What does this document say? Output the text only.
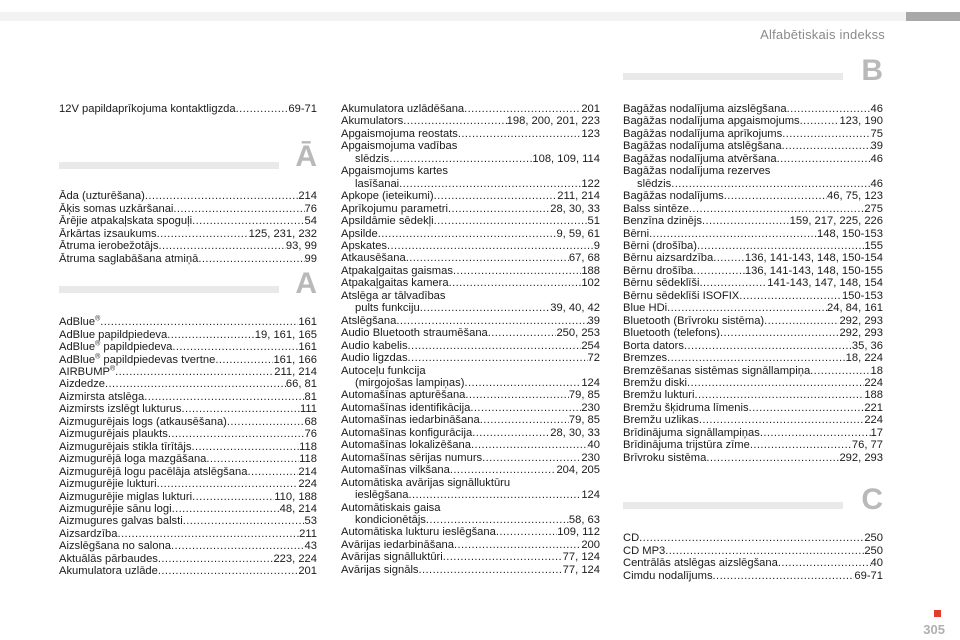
Alfabētiskais indekss
12V papildaprīkojuma kontaktligzda .....	69-71
Ā
Āda (uzturēšana) .....	214
Āķis somas uzkāršanai .....	76
Ārējie atpakaļskata spoguļi .....	54
Ārkārtas izsaukums .....	125, 231, 232
Ātruma ierobežotājs .....	93, 99
Ātruma saglabāšana atmiņā .....	99
A
AdBlue® .....	161
AdBlue papildpiedeva .....	19, 161, 165
AdBlue® papildpiedeva .....	161
AdBlue® papildpiedevas tvertne .....	161, 166
AIRBUMP® .....	211, 214
Aizdedze .....	66, 81
Aizmirsta atslēga .....	81
Aizmirsts izslēgt lukturus .....	111
Aizmugurējais logs (atkausēšana) .....	68
Aizmugurējais plaukts .....	76
Aizmugurējais stikla tīrītājs .....	118
Aizmugurējā loga mazgāšana .....	118
Aizmugurējā logu pacēlāja atslēgšana .....	214
Aizmugurējie lukturi .....	224
Aizmugurējie miglas lukturi .....	110, 188
Aizmugurējie sānu logi .....	48, 214
Aizmugures galvas balsti .....	53
Aizsardzība .....	211
Aizslēgšana no salona .....	43
Aktuālās pārbaudes .....	223, 224
Akumulatora uzlāde .....	201
Akumulatora uzlādēšana .....	201
Akumulators .....	198, 200, 201, 223
Apgaismojuma reostats .....	123
Apgaismojuma vadības
slēdzis .....	108, 109, 114
Apgaismojums kartes
lasīšanai .....	122
Apkope (ieteikumi) .....	211, 214
Aprīkojumu parametri .....	28, 30, 33
Apsildāmie sēdekļi .....	51
Apsilde .....	9, 59, 61
Apskates .....	9
Atkausēšana .....	67, 68
Atpakaļgaitas gaismas .....	188
Atpakaļgaitas kamera .....	102
Atslēga ar tālvadības
pults funkciju .....	39, 40, 42
Atslēgšana .....	39
Audio Bluetooth straumēšana .....	250, 253
Audio kabelis .....	254
Audio ligzdas .....	72
Autoceļu funkcija
(mirgojošas lampiņas) .....	124
Automašīnas apturēšana .....	79, 85
Automašīnas identifikācija .....	230
Automašīnas iedarbināšana .....	79, 85
Automašīnas konfigurācija .....	28, 30, 33
Automašīnas lokalizēšana .....	40
Automašīnas sērijas numurs .....	230
Automašīnas vilkšana .....	204, 205
Automātiska avārijas signālluktūru
ieslēgšana .....	124
Automātiskais gaisa
kondicionētājs .....	58, 63
Automātiska lukturu ieslēgšana .....	109, 112
Avārijas iedarbināšana .....	200
Avārijas signālluktūri .....	77, 124
Avārijas signāls .....	77, 124
B
Bagāžas nodalījuma aizslēgšana .....	46
Bagāžas nodalījuma apgaismojums .....	123, 190
Bagāžas nodalījuma aprīkojums .....	75
Bagāžas nodalījuma atslēgšana .....	39
Bagāžas nodalījuma atvēršana .....	46
Bagāžas nodalījuma rezerves
slēdzis .....	46
Bagāžas nodalījums .....	46, 75, 123
Balss sintēze .....	275
Benzīna dzinējs .....	159, 217, 225, 226
Bērni .....	148, 150-153
Bērni (drošība) .....	155
Bērnu aizsardzība .....	136, 141-143, 148, 150-154
Bērnu drošība .....	136, 141-143, 148, 150-155
Bērnu sēdeklīši .....	141-143, 147, 148, 154
Bērnu sēdeklīši ISOFIX .....	150-153
Blue HDi .....	24, 84, 161
Bluetooth (Brīvroku sistēma) .....	292, 293
Bluetooth (telefons) .....	292, 293
Borta dators .....	35, 36
Bremzes .....	18, 224
Bremzēšanas sistēmas signāllampiņa .....	18
Bremžu diski .....	224
Bremžu lukturi .....	188
Bremžu šķidruma līmenis .....	221
Bremžu uzlikas .....	224
Brīdinājuma signāllampiņas .....	17
Brīdinājuma trijstūra zīme .....	76, 77
Brīvroku sistēma .....	292, 293
C
CD .....	250
CD MP3 .....	250
Centrālās atslēgas aizslēgšana .....	40
Cimdu nodalījums .....	69-71
305
